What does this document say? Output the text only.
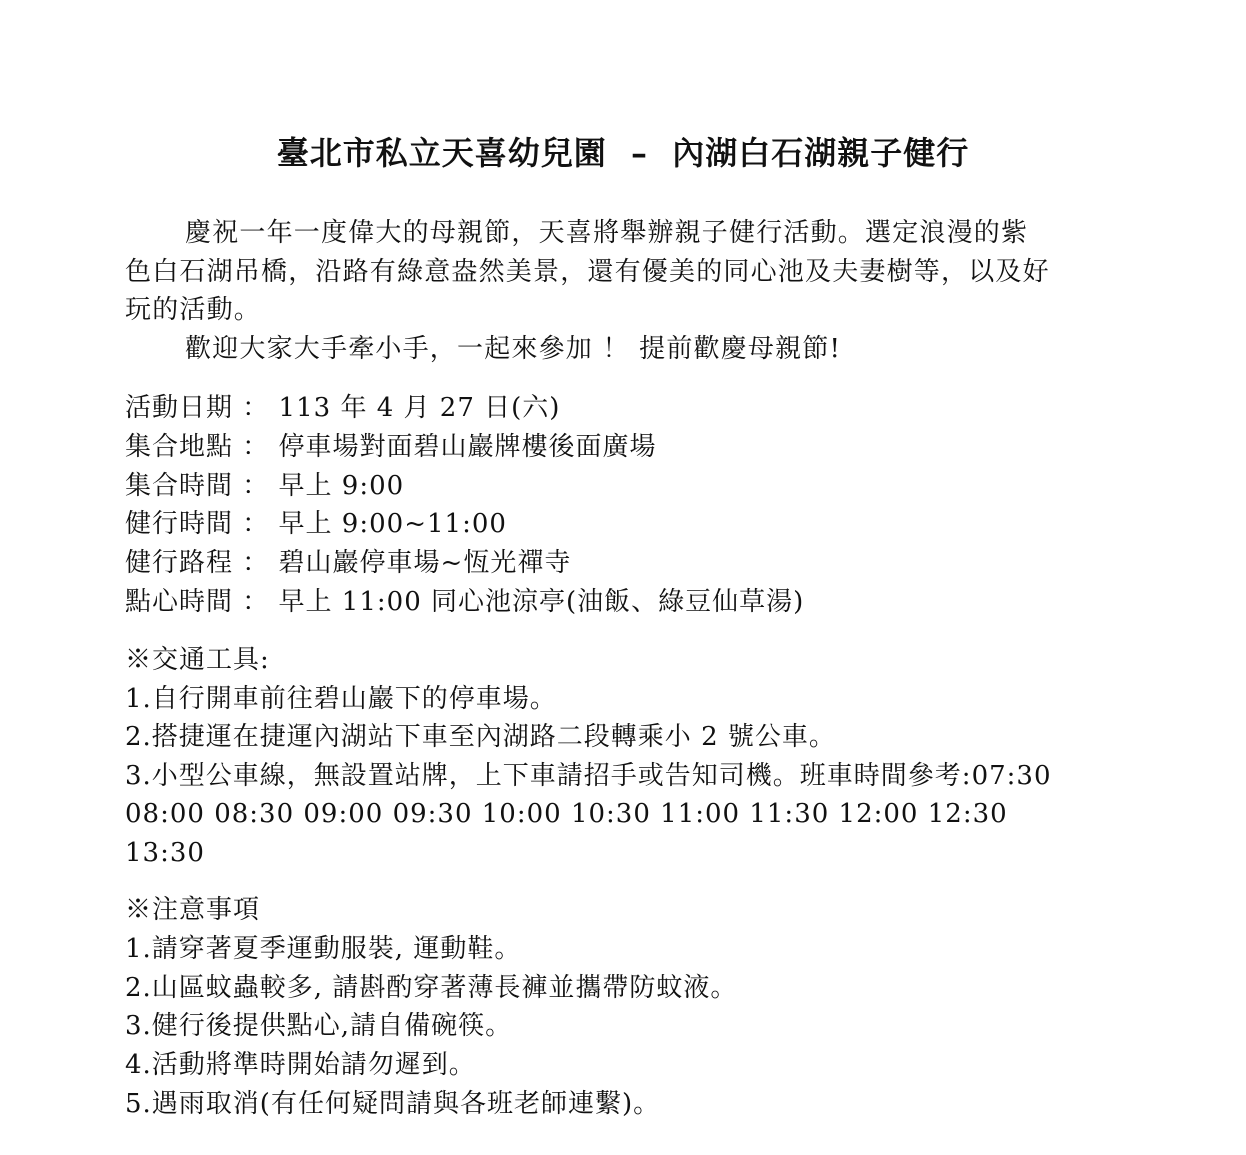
臺北市私立天喜幼兒園  –  內湖白石湖親子健行

慶祝一年一度偉大的母親節，天喜將舉辦親子健行活動。選定浪漫的紫色白石湖吊橋，沿路有綠意盎然美景，還有優美的同心池及夫妻樹等，以及好玩的活動。

歡迎大家大手牽小手，一起來參加 ！ 提前歡慶母親節!

活動日期 ： 113 年 4 月 27 日(六)
集合地點 ： 停車場對面碧山巖牌樓後面廣場
集合時間 ： 早上 9:00
健行時間 ： 早上 9:00~11:00
健行路程 ： 碧山巖停車場~恆光禪寺
點心時間 ： 早上 11:00 同心池涼亭(油飯、綠豆仙草湯)
※交通工具:
1.自行開車前往碧山巖下的停車場。
2.搭捷運在捷運內湖站下車至內湖路二段轉乘小 2 號公車。
3.小型公車線，無設置站牌，上下車請招手或告知司機。班車時間參考:07:30 08:00 08:30 09:00 09:30 10:00 10:30 11:00 11:30 12:00 12:30 13:30
※注意事項
1.請穿著夏季運動服裝, 運動鞋。
2.山區蚊蟲較多, 請斟酌穿著薄長褲並攜帶防蚊液。
3.健行後提供點心,請自備碗筷。
4.活動將準時開始請勿遲到。
5.遇雨取消(有任何疑問請與各班老師連繫)。
